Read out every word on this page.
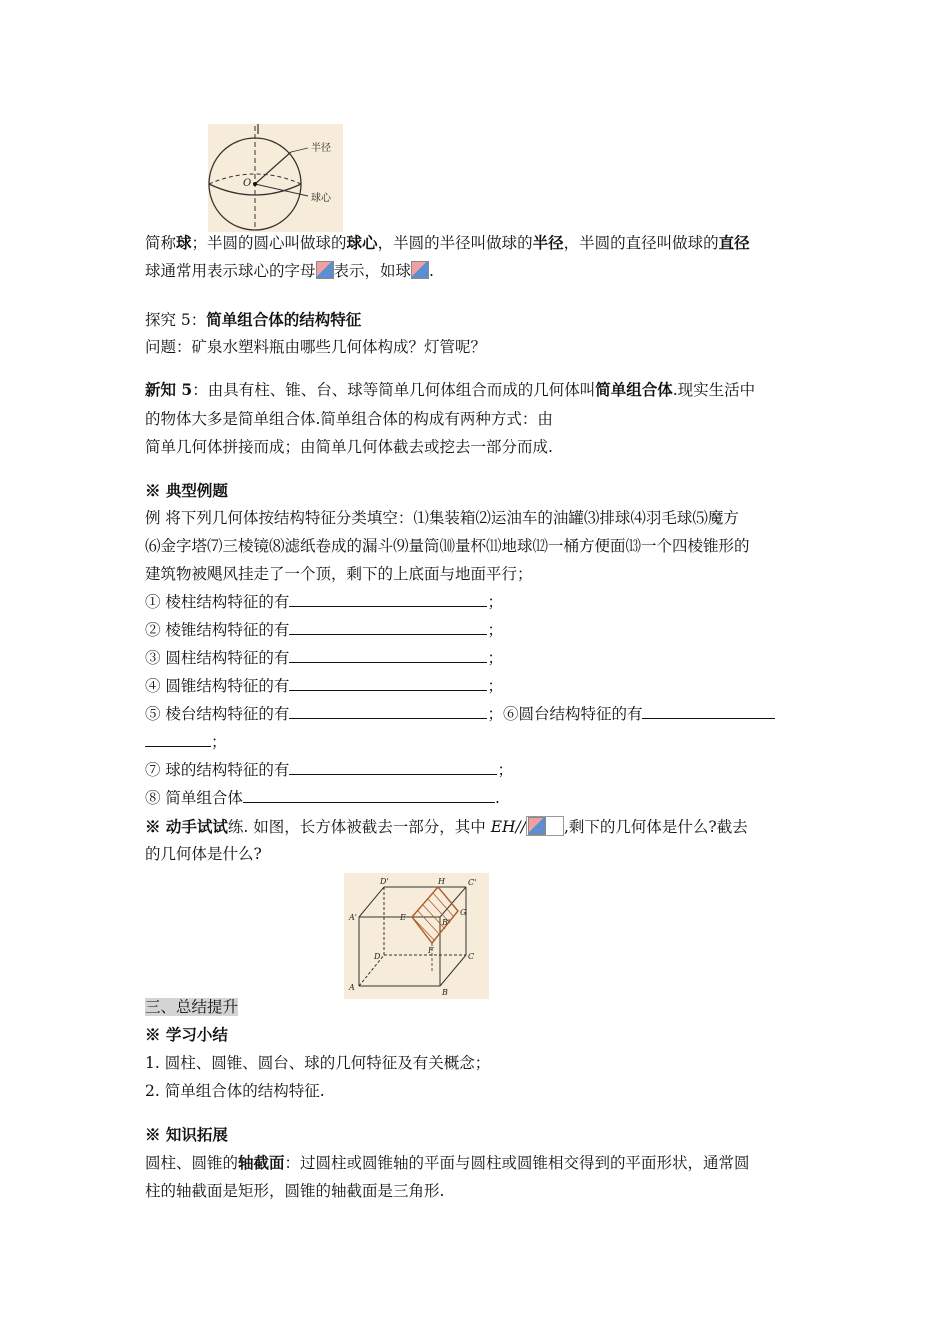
半径
球心
O
简称球；半圆的圆心叫做球的球心，半圆的半径叫做球的半径，半圆的直径叫做球的直径
球通常用表示球心的字母 表示，如球 .
探究 5：简单组合体的结构特征
问题：矿泉水塑料瓶由哪些几何体构成？灯管呢？
新知 5：由具有柱、锥、台、球等简单几何体组合而成的几何体叫简单组合体.现实生活中
的物体大多是简单组合体.简单组合体的构成有两种方式：由
简单几何体拼接而成；由简单几何体截去或挖去一部分而成.
※ 典型例题
例 将下列几何体按结构特征分类填空：⑴集装箱⑵运油车的油罐⑶排球⑷羽毛球⑸魔方
⑹金字塔⑺三棱镜⑻滤纸卷成的漏斗⑼量筒⑽量杯⑾地球⑿一桶方便面⒀一个四棱锥形的
建筑物被飓风挂走了一个顶，剩下的上底面与地面平行；
① 棱柱结构特征的有	；
② 棱锥结构特征的有	；
③ 圆柱结构特征的有	；
④ 圆锥结构特征的有	；
⑤ 棱台结构特征的有	；⑥圆台结构特征的有
；
⑦ 球的结构特征的有	；
⑧ 简单组合体	.
※ 动手试试练. 如图，长方体被截去一部分，其中 EH// ,剩下的几何体是什么?截去
的几何体是什么?
D'	H	C'
A'	E
G
B'
D
F
C
A
B
三、总结提升
※ 学习小结
1. 圆柱、圆锥、圆台、球的几何特征及有关概念；
2. 简单组合体的结构特征.
※ 知识拓展
圆柱、圆锥的轴截面：过圆柱或圆锥轴的平面与圆柱或圆锥相交得到的平面形状，通常圆
柱的轴截面是矩形，圆锥的轴截面是三角形.
